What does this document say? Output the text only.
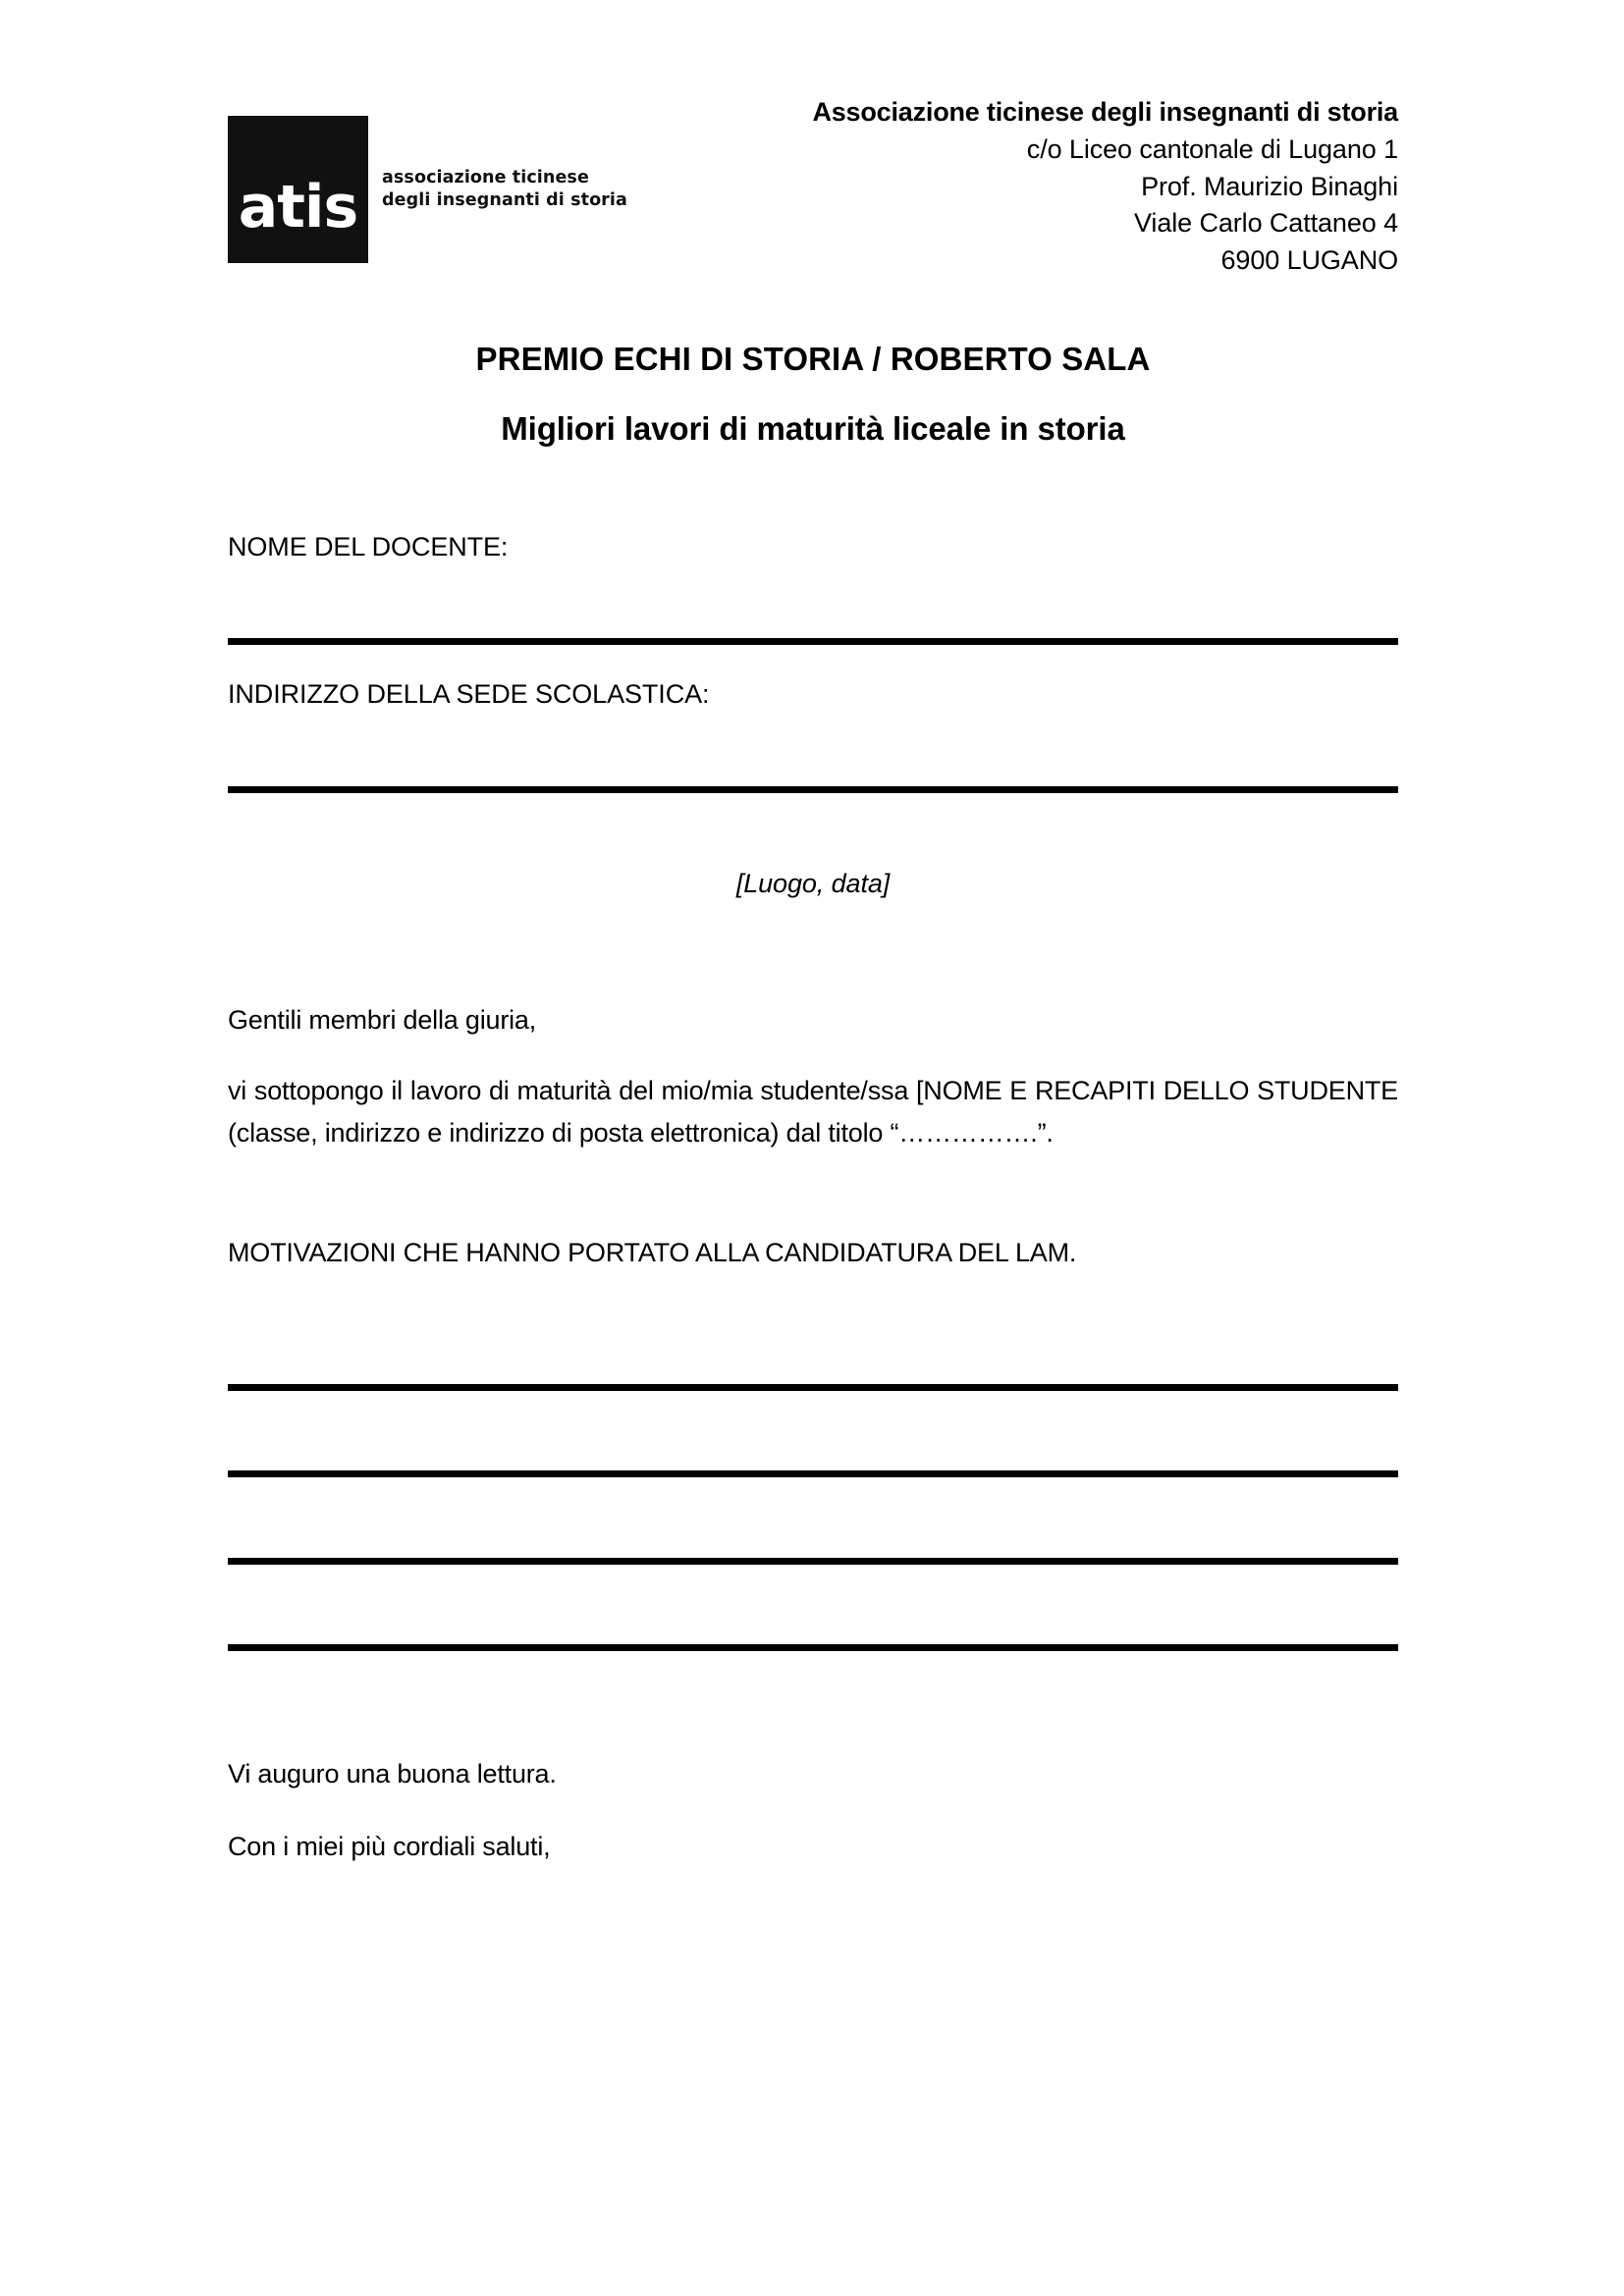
atis associazione ticinese
degli insegnanti di storia
Associazione ticinese degli insegnanti di storia
c/o Liceo cantonale di Lugano 1
Prof. Maurizio Binaghi
Viale Carlo Cattaneo 4
6900 LUGANO
PREMIO ECHI DI STORIA / ROBERTO SALA
Migliori lavori di maturità liceale in storia
NOME DEL DOCENTE:
INDIRIZZO DELLA SEDE SCOLASTICA:
[Luogo, data]
Gentili membri della giuria,
vi sottopongo il lavoro di maturità del mio/mia studente/ssa [NOME E RECAPITI DELLO STUDENTE (classe, indirizzo e indirizzo di posta elettronica) dal titolo “…………….”.
MOTIVAZIONI CHE HANNO PORTATO ALLA CANDIDATURA DEL LAM.
Vi auguro una buona lettura.
Con i miei più cordiali saluti,
